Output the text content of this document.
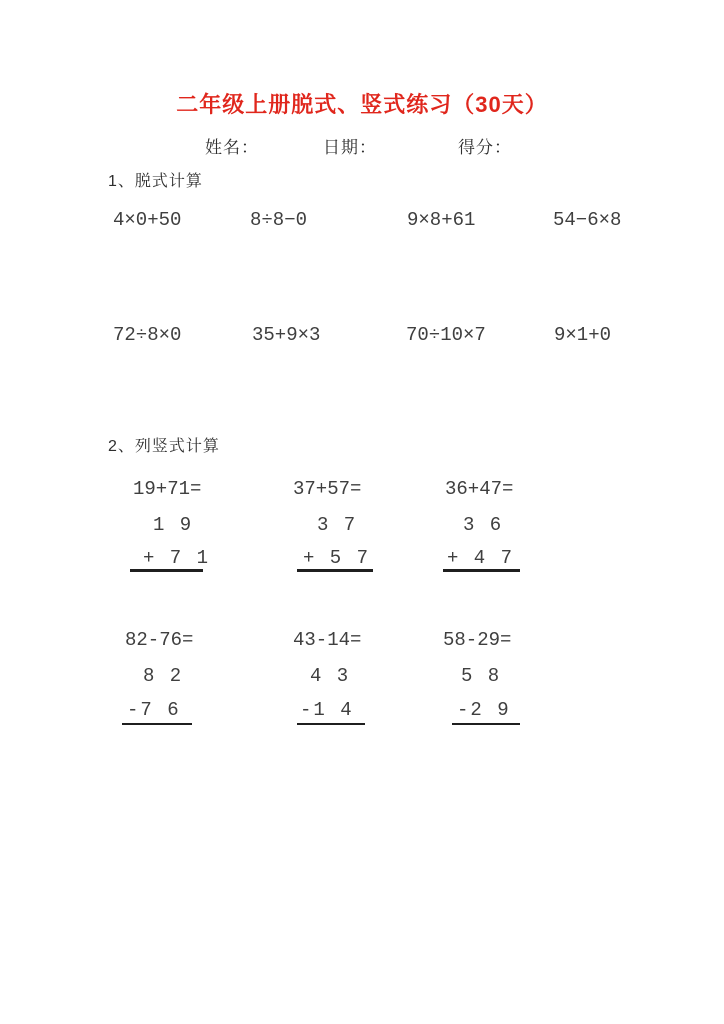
二年级上册脱式、竖式练习（30天）
姓名：	日期：	得分：
1、脱式计算
4×0+50	8÷8−0	9×8+61	54−6×8
72÷8×0	35+9×3	70÷10×7	9×1+0
2、列竖式计算
19+71=
1 9
+ 7 1
37+57=
3 7
+ 5 7
36+47=
3 6
+ 4 7
82-76=
8 2
-7 6
43-14=
4 3
-1 4
58-29=
5 8
-2 9
